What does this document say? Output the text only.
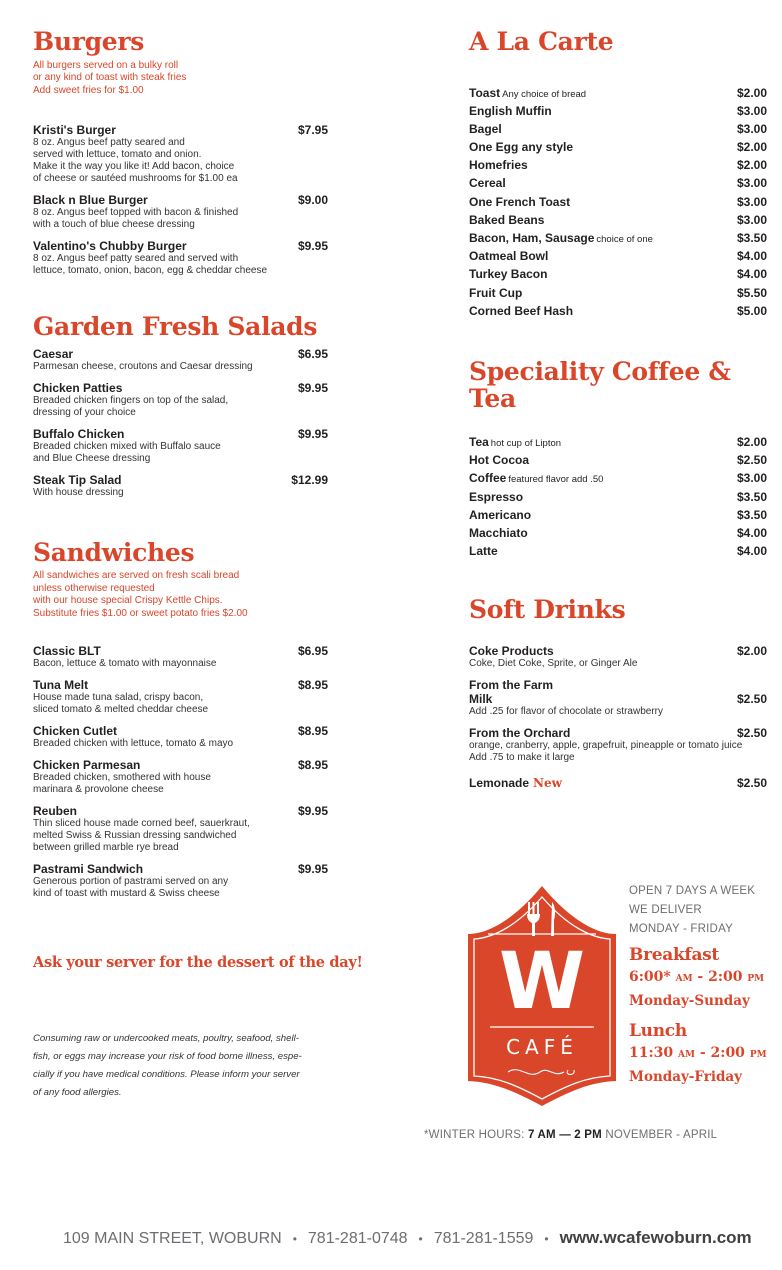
Burgers
All burgers served on a bulky roll
or any kind of toast with steak fries
Add sweet fries for $1.00
Kristi's Burger	$7.95
8 oz. Angus beef patty seared and
served with lettuce, tomato and onion.
Make it the way you like it! Add bacon, choice
of cheese or sautéed mushrooms for $1.00 ea
Black n Blue Burger	$9.00
8 oz. Angus beef topped with bacon & finished
with a touch of blue cheese dressing
Valentino's Chubby Burger	$9.95
8 oz. Angus beef patty seared and served with
lettuce, tomato, onion, bacon, egg & cheddar cheese
Garden Fresh Salads
Caesar	$6.95
Parmesan cheese, croutons and Caesar dressing
Chicken Patties	$9.95
Breaded chicken fingers on top of the salad,
dressing of your choice
Buffalo Chicken	$9.95
Breaded chicken mixed with Buffalo sauce
and Blue Cheese dressing
Steak Tip Salad	$12.99
With house dressing
Sandwiches
All sandwiches are served on fresh scali bread
unless otherwise requested
with our house special Crispy Kettle Chips.
Substitute fries $1.00 or sweet potato fries $2.00
Classic BLT	$6.95
Bacon, lettuce & tomato with mayonnaise
Tuna Melt	$8.95
House made tuna salad, crispy bacon,
sliced tomato & melted cheddar cheese
Chicken Cutlet	$8.95
Breaded chicken with lettuce, tomato & mayo
Chicken Parmesan	$8.95
Breaded chicken, smothered with house
marinara & provolone cheese
Reuben	$9.95
Thin sliced house made corned beef, sauerkraut,
melted Swiss & Russian dressing sandwiched
between grilled marble rye bread
Pastrami Sandwich	$9.95
Generous portion of pastrami served on any
kind of toast with mustard & Swiss cheese
Ask your server for the dessert of the day!
Consuming raw or undercooked meats, poultry, seafood, shell-
fish, or eggs may increase your risk of food borne illness, espe-
cially if you have medical conditions. Please inform your server
of any food allergies.
A La Carte
Toast Any choice of bread	$2.00
English Muffin	$3.00
Bagel	$3.00
One Egg any style	$2.00
Homefries	$2.00
Cereal	$3.00
One French Toast	$3.00
Baked Beans	$3.00
Bacon, Ham, Sausage choice of one	$3.50
Oatmeal Bowl	$4.00
Turkey Bacon	$4.00
Fruit Cup	$5.50
Corned Beef Hash	$5.00
Speciality Coffee & Tea
Tea hot cup of Lipton	$2.00
Hot Cocoa	$2.50
Coffee featured flavor add .50	$3.00
Espresso	$3.50
Americano	$3.50
Macchiato	$4.00
Latte	$4.00
Soft Drinks
Coke Products	$2.00
Coke, Diet Coke, Sprite, or Ginger Ale
From the Farm
Milk	$2.50
Add .25 for flavor of chocolate or strawberry
From the Orchard	$2.50
orange, cranberry, apple, grapefruit, pineapple or tomato juice
Add .75 to make it large
Lemonade New	$2.50
W
CAFÉ
OPEN 7 DAYS A WEEK
WE DELIVER
MONDAY - FRIDAY
Breakfast
6:00* AM - 2:00 PM
Monday-Sunday
Lunch
11:30 AM - 2:00 PM
Monday-Friday
*WINTER HOURS: 7 AM — 2 PM NOVEMBER - APRIL
109 MAIN STREET, WOBURN • 781-281-0748 • 781-281-1559 • www.wcafewoburn.com
